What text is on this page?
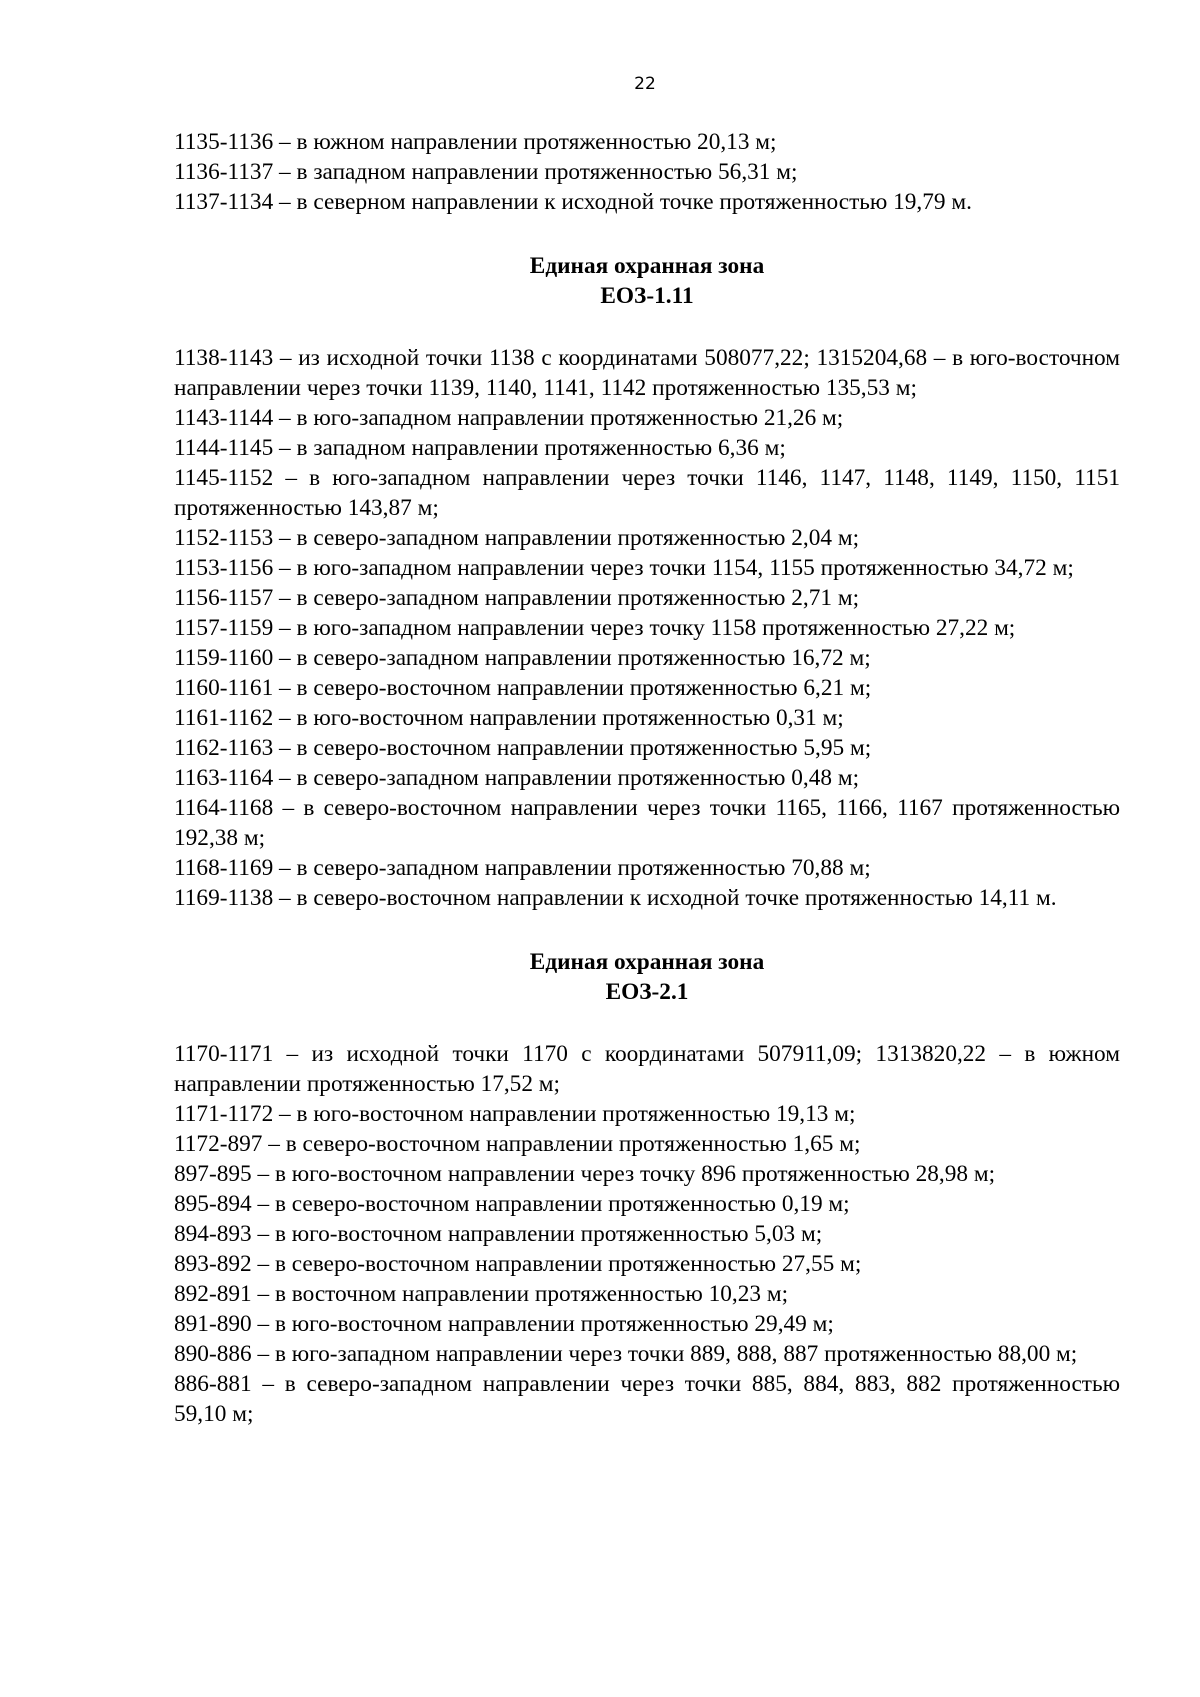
22

1135-1136 – в южном направлении протяженностью 20,13 м;

1136-1137 – в западном направлении протяженностью 56,31 м;

1137-1134 – в северном направлении к исходной точке протяженностью 19,79 м.

Единая охранная зона

ЕОЗ-1.11

1138-1143 – из исходной точки 1138 с координатами 508077,22; 1315204,68 – в юго-восточном направлении через точки 1139, 1140, 1141, 1142 протяженностью 135,53 м;

1143-1144 – в юго-западном направлении протяженностью 21,26 м;

1144-1145 – в западном направлении протяженностью 6,36 м;

1145-1152 – в юго-западном направлении через точки 1146, 1147, 1148, 1149, 1150, 1151 протяженностью 143,87 м;

1152-1153 – в северо-западном направлении протяженностью 2,04 м;

1153-1156 – в юго-западном направлении через точки 1154, 1155 протяженностью 34,72 м;

1156-1157 – в северо-западном направлении протяженностью 2,71 м;

1157-1159 – в юго-западном направлении через точку 1158 протяженностью 27,22 м;

1159-1160 – в северо-западном направлении протяженностью 16,72 м;

1160-1161 – в северо-восточном направлении протяженностью 6,21 м;

1161-1162 – в юго-восточном направлении протяженностью 0,31 м;

1162-1163 – в северо-восточном направлении протяженностью 5,95 м;

1163-1164 – в северо-западном направлении протяженностью 0,48 м;

1164-1168 – в северо-восточном направлении через точки 1165, 1166, 1167 протяженностью 192,38 м;

1168-1169 – в северо-западном направлении протяженностью 70,88 м;

1169-1138 – в северо-восточном направлении к исходной точке протяженностью 14,11 м.

Единая охранная зона

ЕОЗ-2.1

1170-1171 – из исходной точки 1170 с координатами 507911,09; 1313820,22 – в южном направлении протяженностью 17,52 м;

1171-1172 – в юго-восточном направлении протяженностью 19,13 м;

1172-897 – в северо-восточном направлении протяженностью 1,65 м;

897-895 – в юго-восточном направлении через точку 896 протяженностью 28,98 м;

895-894 – в северо-восточном направлении протяженностью 0,19 м;

894-893 – в юго-восточном направлении протяженностью 5,03 м;

893-892 – в северо-восточном направлении протяженностью 27,55 м;

892-891 – в восточном направлении протяженностью 10,23 м;

891-890 – в юго-восточном направлении протяженностью 29,49 м;

890-886 – в юго-западном направлении через точки 889, 888, 887 протяженностью 88,00 м;

886-881 – в северо-западном направлении через точки 885, 884, 883, 882 протяженностью 59,10 м;
